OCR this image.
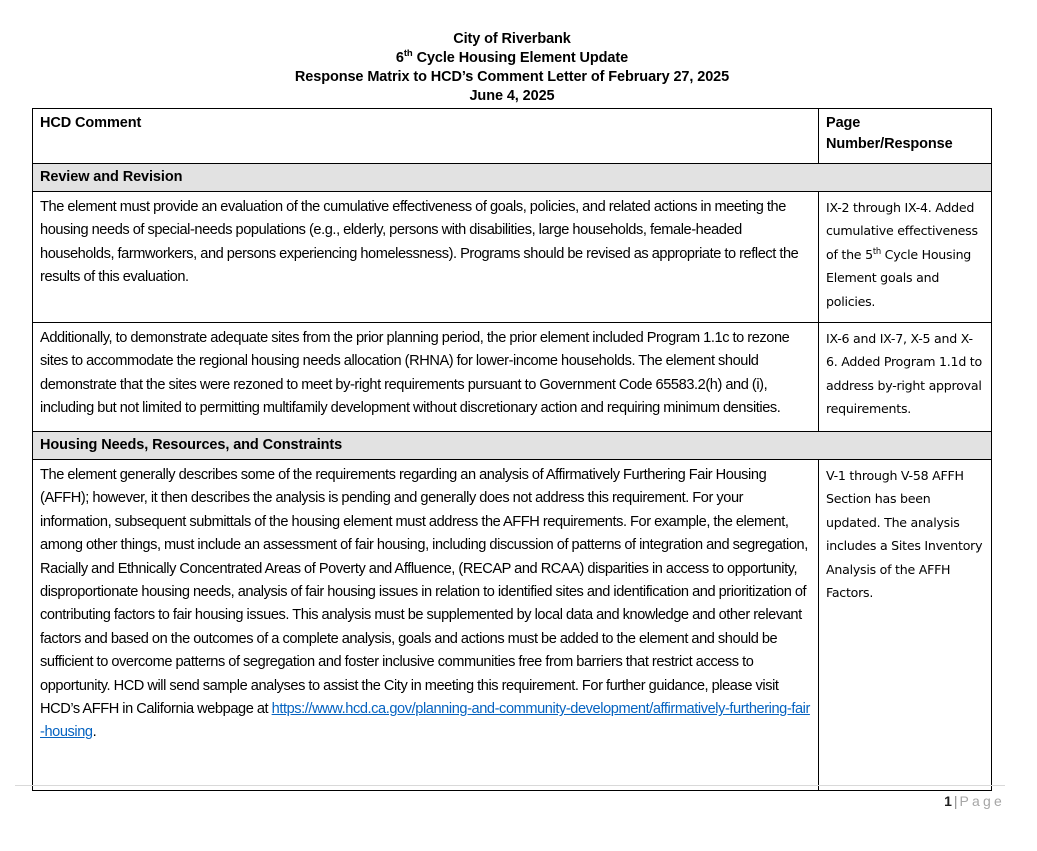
City of Riverbank
6th Cycle Housing Element Update
Response Matrix to HCD’s Comment Letter of February 27, 2025
June 4, 2025
HCD Comment	Page Number/Response
Review and Revision	
The element must provide an evaluation of the cumulative effectiveness of goals, policies, and related actions in meeting the housing needs of special-needs populations (e.g., elderly, persons with disabilities, large households, female-headed households, farmworkers, and persons experiencing homelessness). Programs should be revised as appropriate to reflect the results of this evaluation.	IX-2 through IX-4. Added cumulative effectiveness of the 5th Cycle Housing Element goals and policies.
Additionally, to demonstrate adequate sites from the prior planning period, the prior element included Program 1.1c to rezone sites to accommodate the regional housing needs allocation (RHNA) for lower-income households. The element should demonstrate that the sites were rezoned to meet by-right requirements pursuant to Government Code 65583.2(h) and (i), including but not limited to permitting multifamily development without discretionary action and requiring minimum densities.	IX-6 and IX-7, X-5 and X-6. Added Program 1.1d to address by-right approval requirements.
Housing Needs, Resources, and Constraints	
The element generally describes some of the requirements regarding an analysis of Affirmatively Furthering Fair Housing (AFFH); however, it then describes the analysis is pending and generally does not address this requirement. For your information, subsequent submittals of the housing element must address the AFFH requirements. For example, the element, among other things, must include an assessment of fair housing, including discussion of patterns of integration and segregation, Racially and Ethnically Concentrated Areas of Poverty and Affluence, (RECAP and RCAA) disparities in access to opportunity, disproportionate housing needs, analysis of fair housing issues in relation to identified sites and identification and prioritization of contributing factors to fair housing issues. This analysis must be supplemented by local data and knowledge and other relevant factors and based on the outcomes of a complete analysis, goals and actions must be added to the element and should be sufficient to overcome patterns of segregation and foster inclusive communities free from barriers that restrict access to opportunity. HCD will send sample analyses to assist the City in meeting this requirement. For further guidance, please visit HCD’s AFFH in California webpage at https://www.hcd.ca.gov/planning-and-community-development/affirmatively-furthering-fair-housing.	V-1 through V-58 AFFH Section has been updated. The analysis includes a Sites Inventory Analysis of the AFFH Factors.
1 | Page
